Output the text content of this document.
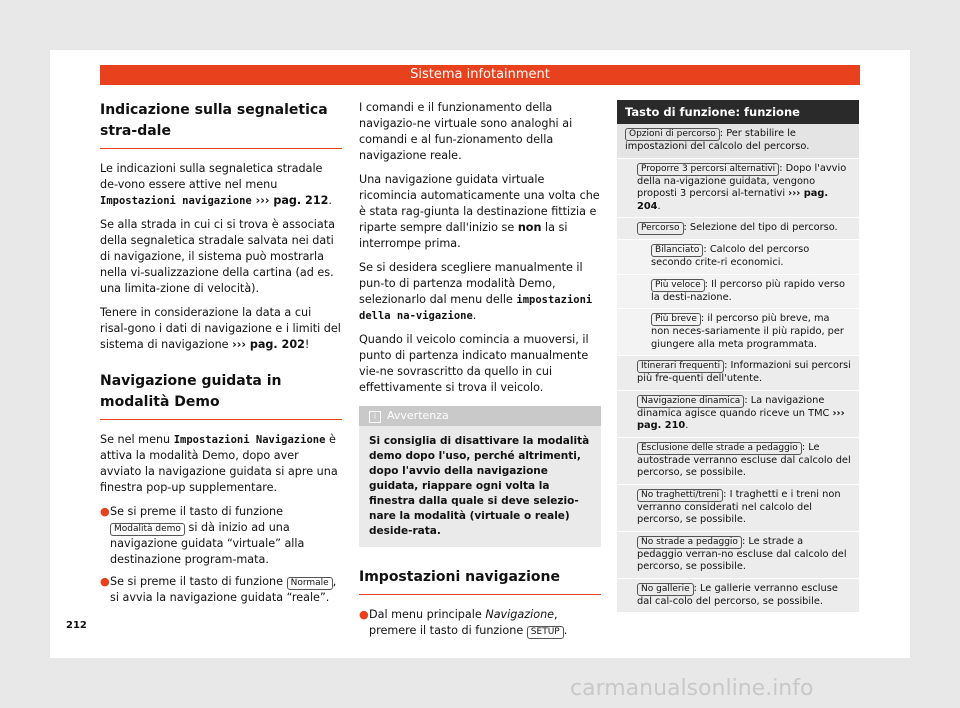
Sistema infotainment
Indicazione sulla segnaletica stra-dale

Le indicazioni sulla segnaletica stradale de-vono essere attive nel menu Impostazioni navigazione ››› pag. 212.

Se alla strada in cui ci si trova è associata della segnaletica stradale salvata nei dati di navigazione, il sistema può mostrarla nella vi-sualizzazione della cartina (ad es. una limita-zione di velocità).

Tenere in considerazione la data a cui risal-gono i dati di navigazione e i limiti del sistema di navigazione ››› pag. 202!

Navigazione guidata in modalità Demo

Se nel menu Impostazioni Navigazione è attiva la modalità Demo, dopo aver avviato la navigazione guidata si apre una finestra pop-up supplementare.

● Se si preme il tasto di funzione Modalità demo si dà inizio ad una navigazione guidata “virtuale” alla destinazione program-mata.
● Se si preme il tasto di funzione Normale , si avvia la navigazione guidata “reale”.

I comandi e il funzionamento della navigazio-ne virtuale sono analoghi ai comandi e al fun-zionamento della navigazione reale.

Una navigazione guidata virtuale ricomincia automaticamente una volta che è stata rag-giunta la destinazione fittizia e riparte sempre dall'inizio se non la si interrompe prima.

Se si desidera scegliere manualmente il pun-to di partenza modalità Demo, selezionarlo dal menu delle impostazioni della na-vigazione.

Quando il veicolo comincia a muoversi, il punto di partenza indicato manualmente vie-ne sovrascritto da quello in cui effettivamente si trova il veicolo.

i Avvertenza
Si consiglia di disattivare la modalità demo dopo l'uso, perché altrimenti, dopo l'avvio della navigazione guidata, riappare ogni volta la finestra dalla quale si deve selezio-nare la modalità (virtuale o reale) deside-rata.
Impostazioni navigazione
● Dal menu principale Navigazione, premere il tasto di funzione SETUP .
Tasto di funzione: funzione
Opzioni di percorso : Per stabilire le impostazioni del calcolo del percorso.
Proporre 3 percorsi alternativi : Dopo l'avvio della na-vigazione guidata, vengono proposti 3 percorsi al-ternativi ››› pag. 204.
Percorso : Selezione del tipo di percorso.
Bilanciato : Calcolo del percorso secondo crite-ri economici.
Più veloce : Il percorso più rapido verso la desti-nazione.
Più breve : il percorso più breve, ma non neces-sariamente il più rapido, per giungere alla meta programmata.
Itinerari frequenti : Informazioni sui percorsi più fre-quenti dell'utente.
Navigazione dinamica : La navigazione dinamica agisce quando riceve un TMC ››› pag. 210.
Esclusione delle strade a pedaggio : Le autostrade verranno escluse dal calcolo del percorso, se possibile.
No traghetti/treni : I traghetti e i treni non verranno considerati nel calcolo del percorso, se possibile.
No strade a pedaggio : Le strade a pedaggio verran-no escluse dal calcolo del percorso, se possibile.
No gallerie : Le gallerie verranno escluse dal cal-colo del percorso, se possibile.
212
carmanualsonline.info
